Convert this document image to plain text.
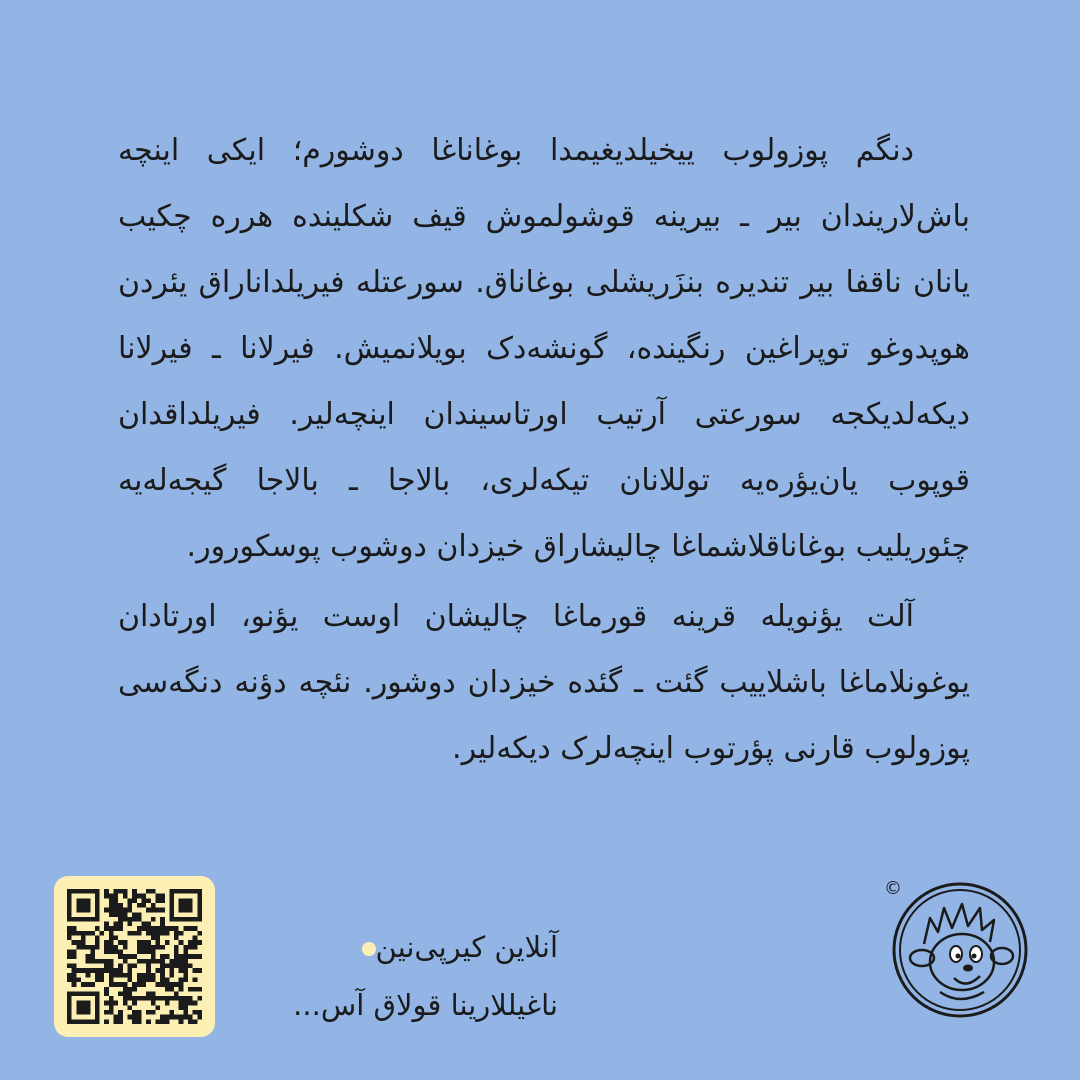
دنگم پوزولوب ییخیلدیغیمدا بوغاناغا دوشورم؛ ایکی اینچه
باش‌لاریندان بیر ـ بیرینه قوشولموش قیف شکلینده هرره چکیب
یانان ناقفا بیر تندیره بنزَریشلی بوغاناق. سورعتله فیریلداناراق یئردن
هوپدوغو توپراغین رنگینده، گونشه‌دک بویلانمیش. فیرلانا ـ فیرلانا
دیکه‌لدیکجه سورعتی آرتیب اورتاسیندان اینچه‌لیر. فیریلداقدان
قوپوب یان‌یؤره‌یه توللانان تیکه‌لری، بالاجا ـ بالاجا گیجه‌له‌یه
چئوریلیب بوغاناقلاشماغا چالیشاراق خیزدان دوشوب پوسکورور.
آلت یؤنویله قرینه قورماغا چالیشان اوست یؤنو، اورتادان
یوغونلاماغا باشلاییب گئت ـ گئده خیزدان دوشور. نئچه دؤنه دنگه‌سی
پوزولوب قارنی پؤرتوب اینچه‌لرک دیکه‌لیر.
آنلاین کیرپی‌نین
ناغیللارینا قولاق آس...
©
